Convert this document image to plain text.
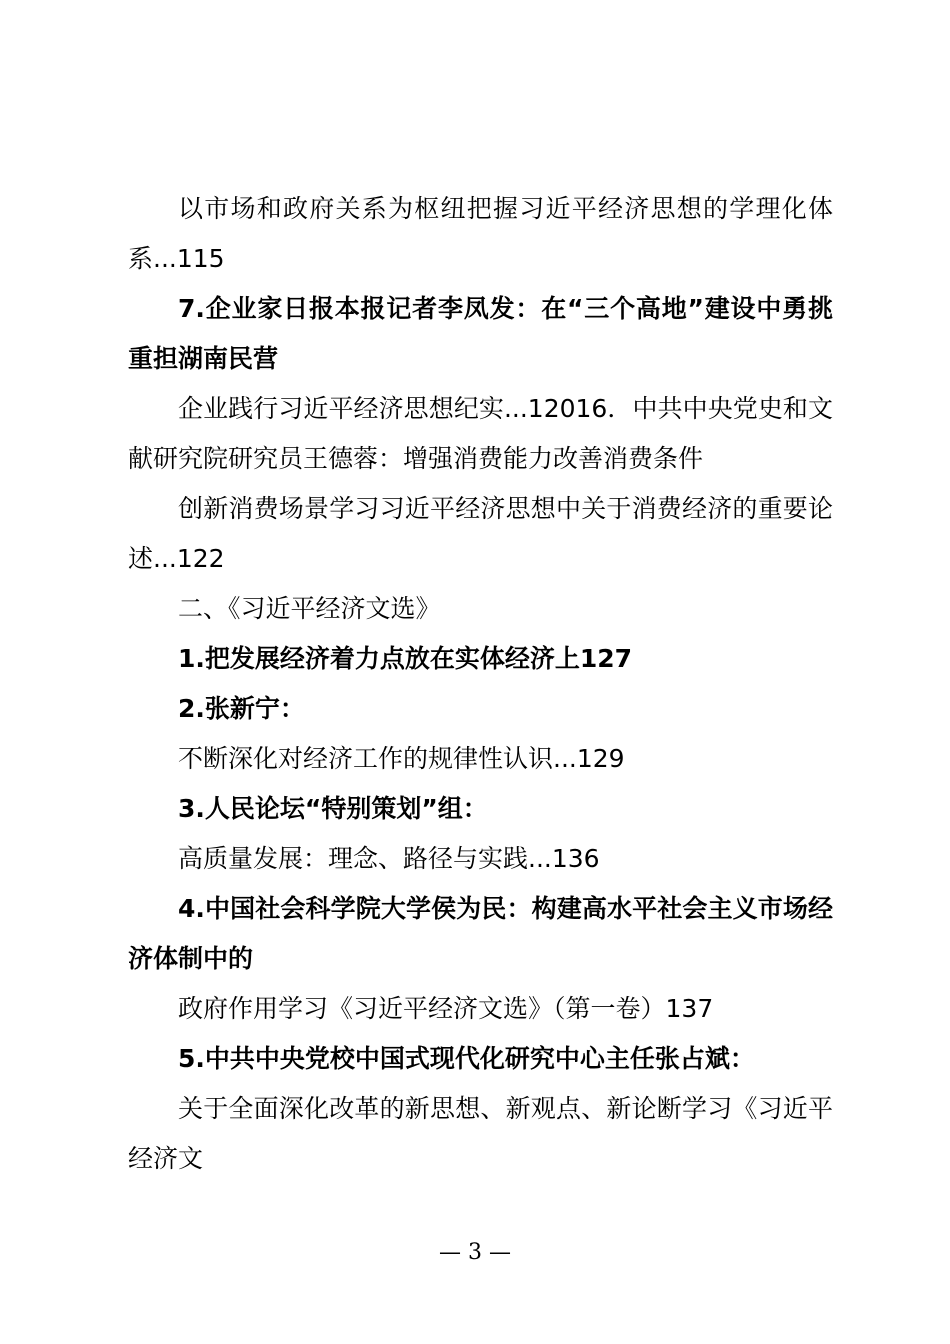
以市场和政府关系为枢纽把握习近平经济思想的学理化体系...115

7.企业家日报本报记者李凤发：在“三个高地”建设中勇挑重担湖南民营

企业践行习近平经济思想纪实...12016．中共中央党史和文献研究院研究员王德蓉：增强消费能力改善消费条件

创新消费场景学习习近平经济思想中关于消费经济的重要论述...122

二、《习近平经济文选》

1.把发展经济着力点放在实体经济上127

2.张新宁：

不断深化对经济工作的规律性认识...129

3.人民论坛“特别策划”组：

高质量发展：理念、路径与实践...136

4.中国社会科学院大学侯为民：构建高水平社会主义市场经济体制中的

政府作用学习《习近平经济文选》（第一卷）137

5.中共中央党校中国式现代化研究中心主任张占斌：

关于全面深化改革的新思想、新观点、新论断学习《习近平经济文

— 3 —
